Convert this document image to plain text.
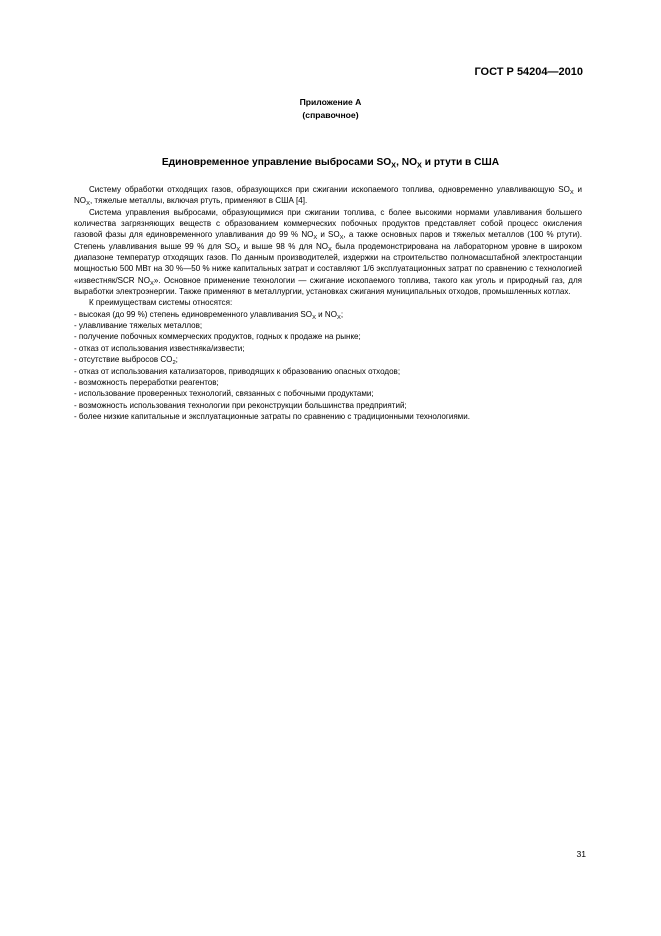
ГОСТ Р 54204—2010
Приложение А
(справочное)
Единовременное управление выбросами $SO_X$, $NO_X$ и ртути в США

Систему обработки отходящих газов, образующихся при сжигании ископаемого топлива, одновременно улавливающую $SO_X$ и $NO_X$, тяжелые металлы, включая ртуть, применяют в США [4].

Система управления выбросами, образующимися при сжигании топлива, с более высокими нормами улавливания большего количества загрязняющих веществ с образованием коммерческих побочных продуктов представляет собой процесс окисления газовой фазы для единовременного улавливания до 99 % $NO_X$ и $SO_X$, а также основных паров и тяжелых металлов (100 % ртути). Степень улавливания выше 99 % для $SO_X$ и выше 98 % для $NO_X$ была продемонстрирована на лабораторном уровне в широком диапазоне температур отходящих газов. По данным производителей, издержки на строительство полномасштабной электростанции мощностью 500 МВт на 30 %—50 % ниже капитальных затрат и составляют 1/6 эксплуатационных затрат по сравнению с технологией «известняк/SCR $NO_X$». Основное применение технологии — сжигание ископаемого топлива, такого как уголь и природный газ, для выработки электроэнергии. Также применяют в металлургии, установках сжигания муниципальных отходов, промышленных котлах.

К преимуществам системы относятся:

- высокая (до 99 %) степень единовременного улавливания $SO_X$ и $NO_X$;
- улавливание тяжелых металлов;
- получение побочных коммерческих продуктов, годных к продаже на рынке;
- отказ от использования известняка/извести;
- отсутствие выбросов $CO_2$;
- отказ от использования катализаторов, приводящих к образованию опасных отходов;
- возможность переработки реагентов;
- использование проверенных технологий, связанных с побочными продуктами;
- возможность использования технологии при реконструкции большинства предприятий;
- более низкие капитальные и эксплуатационные затраты по сравнению с традиционными технологиями.
31
